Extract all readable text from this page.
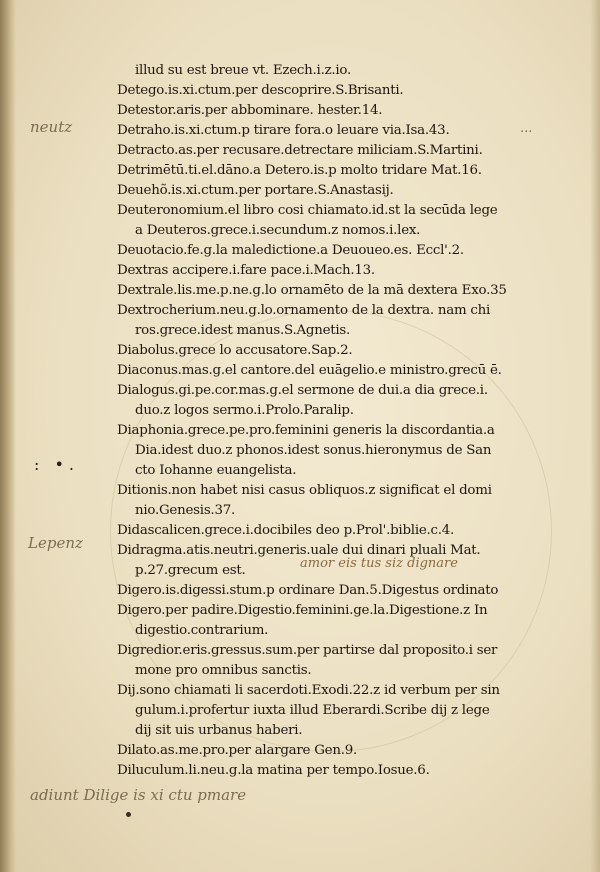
illud su est breue vt. Ezech.i.z.io.
Detego.is.xi.ctum.per descoprire.S.Brisanti.
Detestor.aris.per abbominare. hester.14.
Detraho.is.xi.ctum.p tirare fora.o leuare via.Isa.43.
Detracto.as.per recusare.detrectare miliciam.S.Martini.
Detrimētū.ti.el.dāno.a Detero.is.p molto tridare Mat.16.
Deuehõ.is.xi.ctum.per portare.S.Anastasij.
Deuteronomium.el libro cosi chiamato.id.st la secūda lege
a Deuteros.grece.i.secundum.z nomos.i.lex.
Deuotacio.fe.g.la maledictione.a Deuoueo.es. Eccl'.2.
Dextras accipere.i.fare pace.i.Mach.13.
Dextrale.lis.me.p.ne.g.lo ornamēto de la mā dextera Exo.35
Dextrocherium.neu.g.lo.ornamento de la dextra. nam chi
ros.grece.idest manus.S.Agnetis.
Diabolus.grece lo accusatore.Sap.2.
Diaconus.mas.g.el cantore.del euāgelio.e ministro.grecū ē.
Dialogus.gi.pe.cor.mas.g.el sermone de dui.a dia grece.i.
duo.z logos sermo.i.Prolo.Paralip.
Diaphonia.grece.pe.pro.feminini generis la discordantia.a
Dia.idest duo.z phonos.idest sonus.hieronymus de San
cto Iohanne euangelista.
Ditionis.non habet nisi casus obliquos.z significat el domi
nio.Genesis.37.
Didascalicen.grece.i.docibiles deo p.Prol'.biblie.c.4.
Didragma.atis.neutri.generis.uale dui dinari pluali Mat.
p.27.grecum est.
Digero.is.digessi.stum.p ordinare Dan.5.Digestus ordinato
Digero.per padire.Digestio.feminini.ge.la.Digestione.z In
digestio.contrarium.
Digredior.eris.gressus.sum.per partirse dal proposito.i ser
mone pro omnibus sanctis.
Dij.sono chiamati li sacerdoti.Exodi.22.z id verbum per sin
gulum.i.profertur iuxta illud Eberardi.Scribe dij z lege
dij sit uis urbanus haberi.
Dilato.as.me.pro.per alargare Gen.9.
Diluculum.li.neu.g.la matina per tempo.Iosue.6.
neutz	...
Lepenz
amor eis tus siz dignare
adiunt Dilige is xi ctu pmare
: •.
